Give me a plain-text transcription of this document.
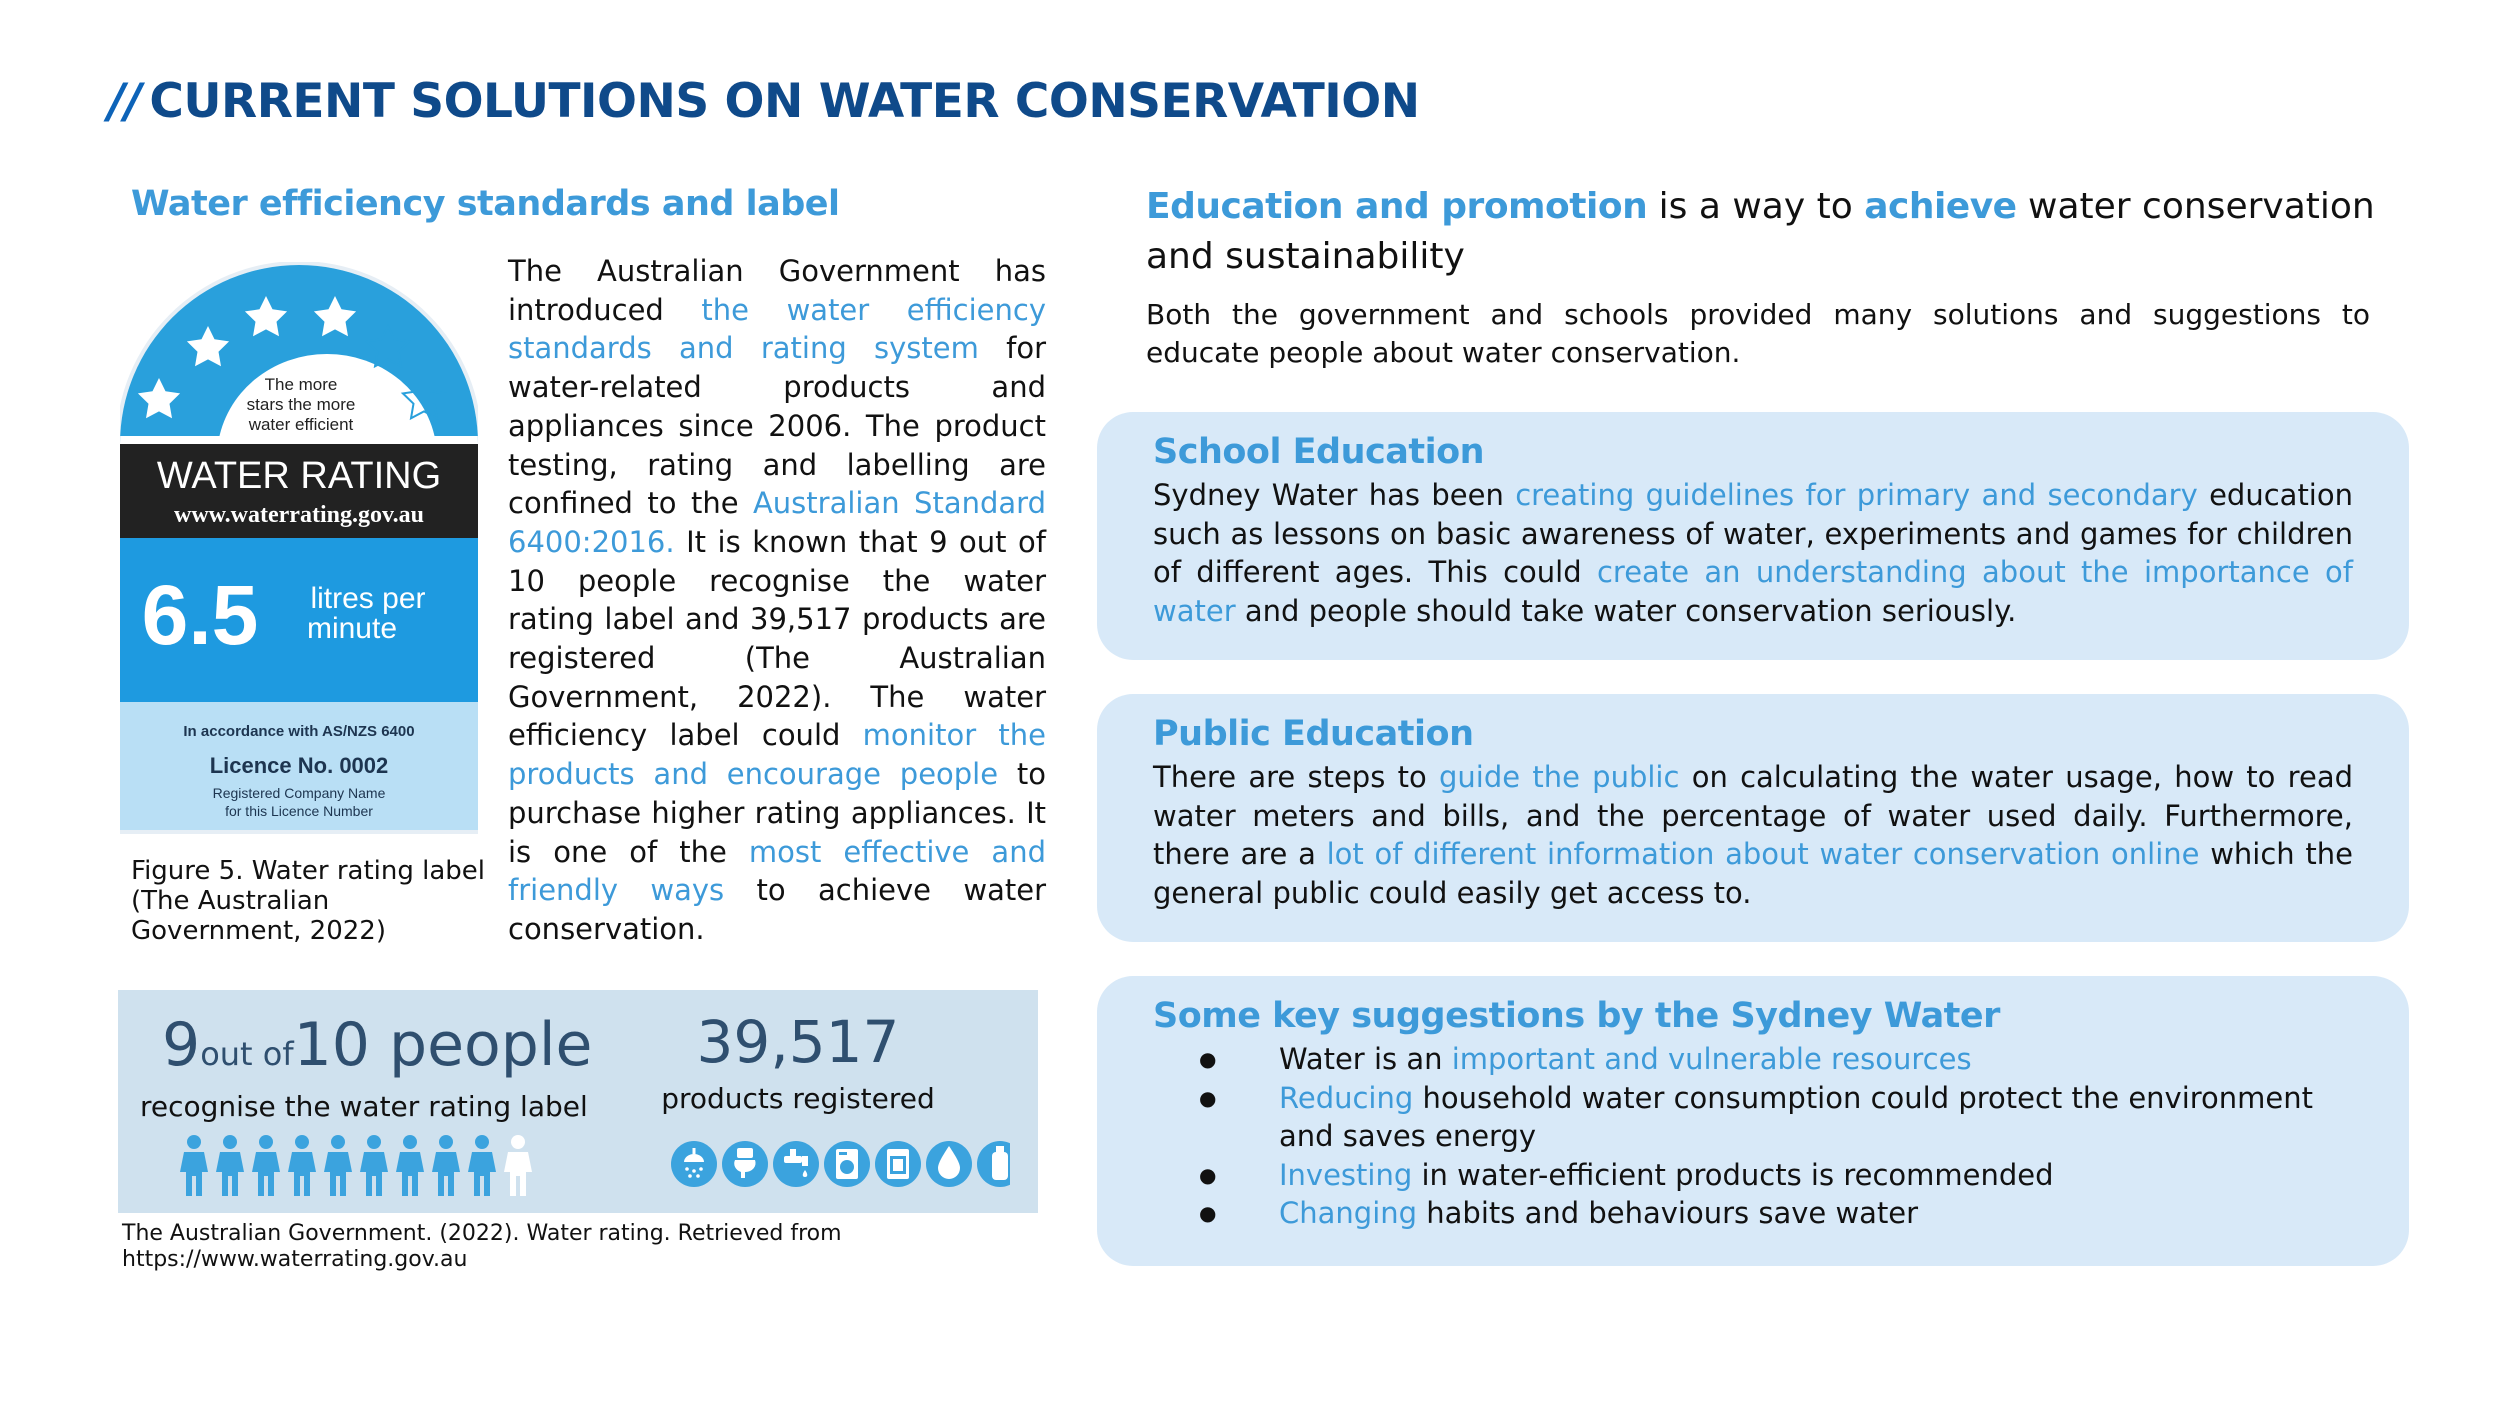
// CURRENT SOLUTIONS ON WATER CONSERVATION
Water efficiency standards and label
The more
stars the more
water efficient
WATER RATING
www.waterrating.gov.au
6.5 litres per
minute
In accordance with AS/NZS 6400
Licence No. 0002
Registered Company Name
for this Licence Number
Figure 5. Water rating label (The Australian Government, 2022)
The Australian Government has introduced the water efficiency standards and rating system for water-related products and appliances since 2006. The product testing, rating and labelling are confined to the Australian Standard 6400:2016. It is known that 9 out of 10 people recognise the water rating label and 39,517 products are registered (The Australian Government, 2022). The water efficiency label could monitor the products and encourage people to purchase higher rating appliances. It is one of the most effective and friendly ways to achieve water conservation.
9out of10 people
recognise the water rating label
39,517
products registered
The Australian Government. (2022). Water rating. Retrieved from https://www.waterrating.gov.au
Education and promotion is a way to achieve water conservation and sustainability
Both the government and schools provided many solutions and suggestions to educate people about water conservation.
School Education
Sydney Water has been creating guidelines for primary and secondary education such as lessons on basic awareness of water, experiments and games for children of different ages. This could create an understanding about the importance of water and people should take water conservation seriously.
Public Education
There are steps to guide the public on calculating the water usage, how to read water meters and bills, and the percentage of water used daily. Furthermore, there are a lot of different information about water conservation online which the general public could easily get access to.
Some key suggestions by the Sydney Water
● Water is an important and vulnerable resources
● Reducing household water consumption could protect the environment and saves energy
● Investing in water-efficient products is recommended
● Changing habits and behaviours save water
